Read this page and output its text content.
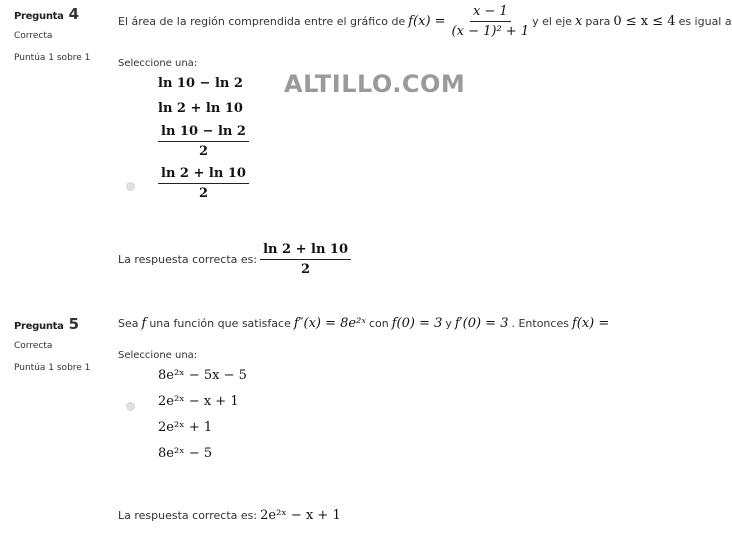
ALTILLO.COM
Pregunta 4
Correcta
Puntúa 1 sobre 1
El área de la región comprendida entre el gráfico de $f(x) = \frac{x - 1}{\text{(x − 1)² + 1}}$ y el eje x para 0 ≤ x ≤ 4 es igual a
Seleccione una:
ln 10 − ln 2
ln 2 + ln 10
$\frac{\ln 10 - \ln 2}{2}$
$\frac{\ln 2 + \ln 10}{2}$
La respuesta correcta es: $\frac{\ln 2 + \ln 10}{2}$
Pregunta 5
Correcta
Puntúa 1 sobre 1
Sea f una función que satisface f″(x) = 8e²ˣ con f(0) = 3 y f′(0) = 3 . Entonces f(x) =
Seleccione una:
8e²ˣ − 5x − 5
2e²ˣ − x + 1
2e²ˣ + 1
8e²ˣ − 5
La respuesta correcta es: 2e²ˣ − x + 1
